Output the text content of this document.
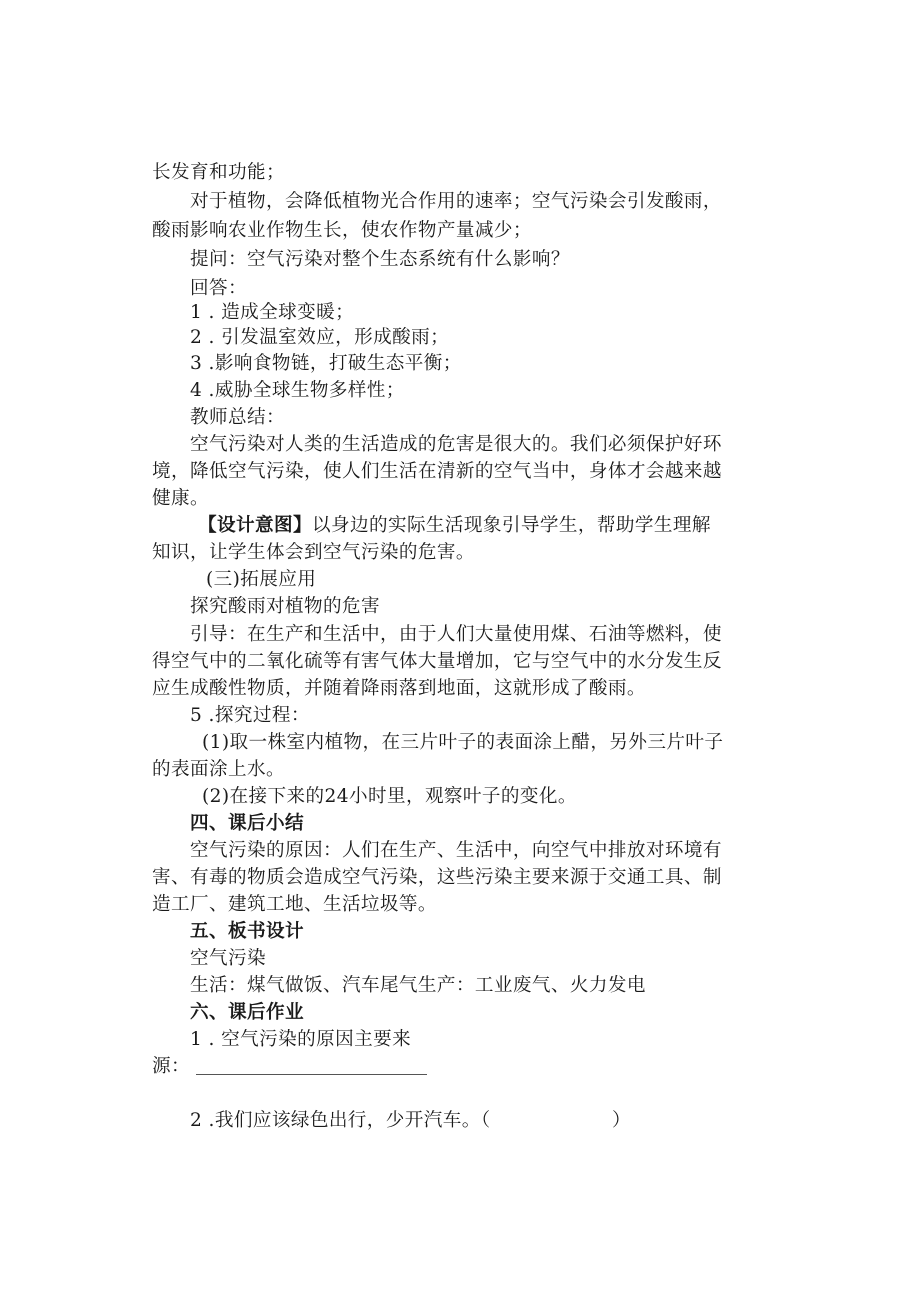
长发育和功能；
对于植物，会降低植物光合作用的速率；空气污染会引发酸雨，
酸雨影响农业作物生长，使农作物产量减少；
提问：空气污染对整个生态系统有什么影响？
回答：
1 . 造成全球变暖；
2 . 引发温室效应，形成酸雨；
3 .影响食物链，打破生态平衡；
4 .威胁全球生物多样性；
教师总结：
空气污染对人类的生活造成的危害是很大的。我们必须保护好环
境，降低空气污染，使人们生活在清新的空气当中，身体才会越来越
健康。
【设计意图】以身边的实际生活现象引导学生，帮助学生理解
知识，让学生体会到空气污染的危害。
(三)拓展应用
探究酸雨对植物的危害
引导：在生产和生活中，由于人们大量使用煤、石油等燃料，使
得空气中的二氧化硫等有害气体大量增加，它与空气中的水分发生反
应生成酸性物质，并随着降雨落到地面，这就形成了酸雨。
5 .探究过程：
(1)取一株室内植物，在三片叶子的表面涂上醋，另外三片叶子
的表面涂上水。
(2)在接下来的24小时里，观察叶子的变化。
四、课后小结
空气污染的原因：人们在生产、生活中，向空气中排放对环境有
害、有毒的物质会造成空气污染，这些污染主要来源于交通工具、制
造工厂、建筑工地、生活垃圾等。
五、板书设计
空气污染
生活：煤气做饭、汽车尾气生产：工业废气、火力发电
六、课后作业
1 . 空气污染的原因主要来
源：
2 .我们应该绿色出行，少开汽车。（	）
